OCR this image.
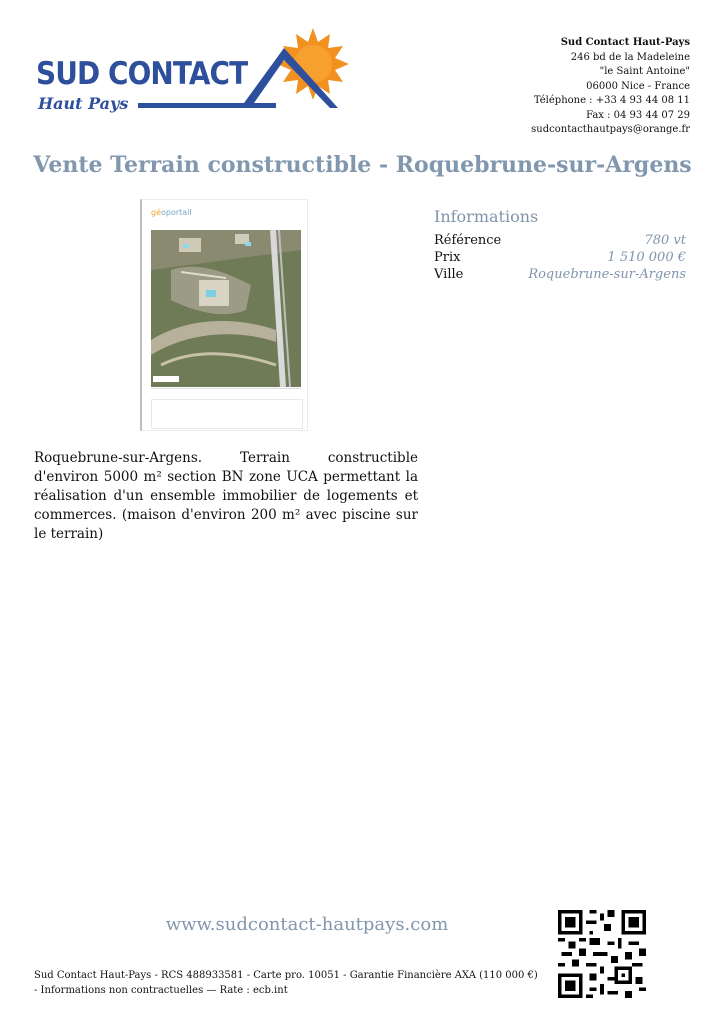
SUD CONTACT
Haut Pays
Sud Contact Haut-Pays
246 bd de la Madeleine
"le Saint Antoine"
06000 Nice - France
Téléphone : +33 4 93 44 08 11
Fax : 04 93 44 07 29
sudcontacthautpays@orange.fr
Vente Terrain constructible - Roquebrune-sur-Argens
géoportail	Informations
Référence	780 vt
Prix	1 510 000 €
Ville	Roquebrune-sur-Argens
Roquebrune-sur-Argens. Terrain constructible d'environ 5000 m² section BN zone UCA permettant la réalisation d'un ensemble immobilier de logements et commerces. (maison d'environ 200 m² avec piscine sur le terrain)
www.sudcontact-hautpays.com
Sud Contact Haut-Pays - RCS 488933581 - Carte pro. 10051 - Garantie Financière AXA (110 000 €)
- Informations non contractuelles — Rate : ecb.int
